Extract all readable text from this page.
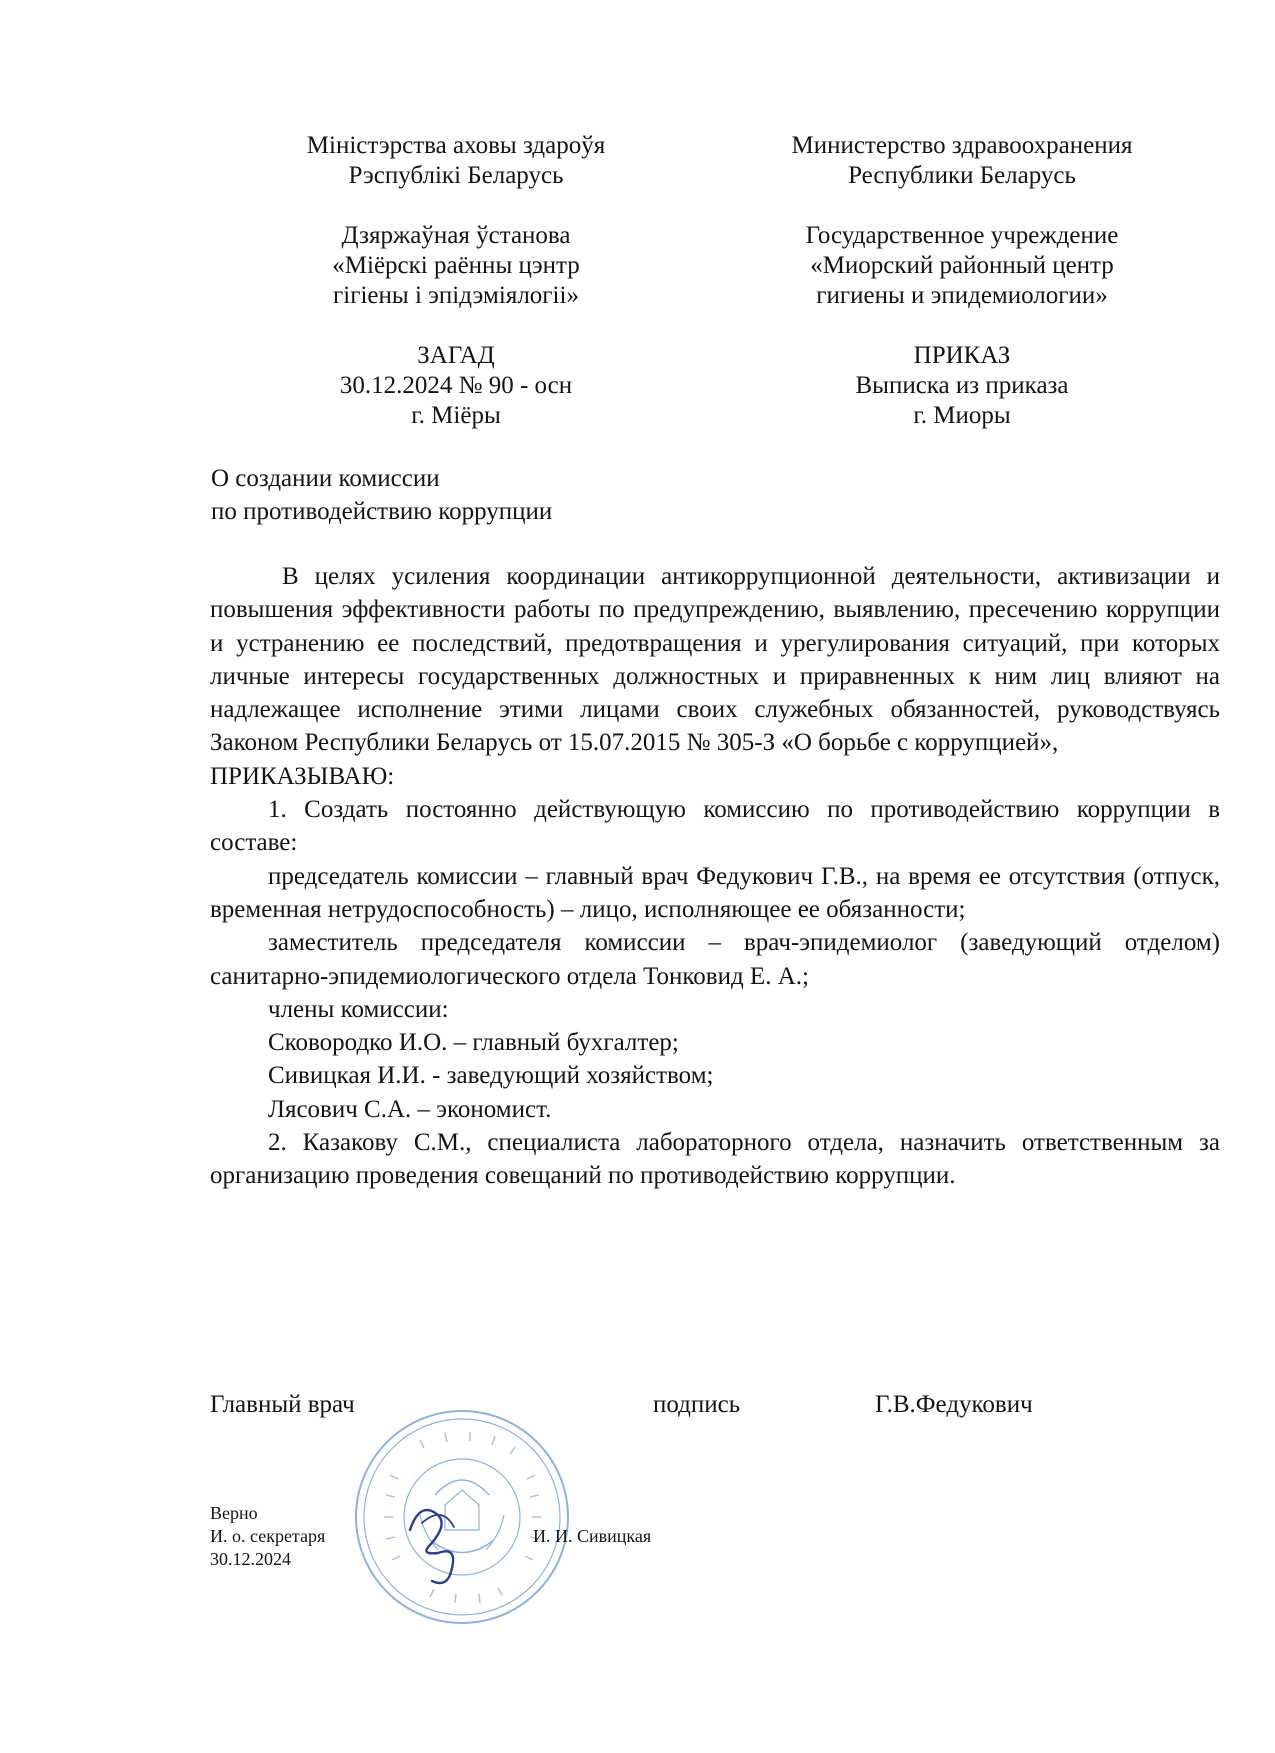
Міністэрства аховы здароўя
Рэспублікі Беларусь
Дзяржаўная ўстанова
«Міёрскі раённы цэнтр
гігіены і эпідэміялогіі»
ЗАГАД
30.12.2024 № 90 - осн
г. Міёры
Министерство здравоохранения
Республики Беларусь
Государственное учреждение
«Миорский районный центр
гигиены и эпидемиологии»
ПРИКАЗ
Выписка из приказа
г. Миоры
О создании комиссии
по противодействию коррупции

В целях усиления координации антикоррупционной деятельности, активизации и повышения эффективности работы по предупреждению, выявлению, пресечению коррупции и устранению ее последствий, предотвращения и урегулирования ситуаций, при которых личные интересы государственных должностных и приравненных к ним лиц влияют на надлежащее исполнение этими лицами своих служебных обязанностей, руководствуясь Законом Республики Беларусь от 15.07.2015 № 305-З «О борьбе с коррупцией»,

ПРИКАЗЫВАЮ:

1. Создать постоянно действующую комиссию по противодействию коррупции в составе:

председатель комиссии – главный врач Федукович Г.В., на время ее отсутствия (отпуск, временная нетрудоспособность) – лицо, исполняющее ее обязанности;

заместитель председателя комиссии – врач-эпидемиолог (заведующий отделом) санитарно-эпидемиологического отдела Тонковид Е. А.;

члены комиссии:

Сковородко И.О. – главный бухгалтер;

Сивицкая И.И. - заведующий хозяйством;

Лясович С.А. – экономист.

2. Казакову С.М., специалиста лабораторного отдела, назначить ответственным за организацию проведения совещаний по противодействию коррупции.

Главный врач	подпись	Г.В.Федукович
Верно
И. о. секретаря
30.12.2024
И. И. Сивицкая
